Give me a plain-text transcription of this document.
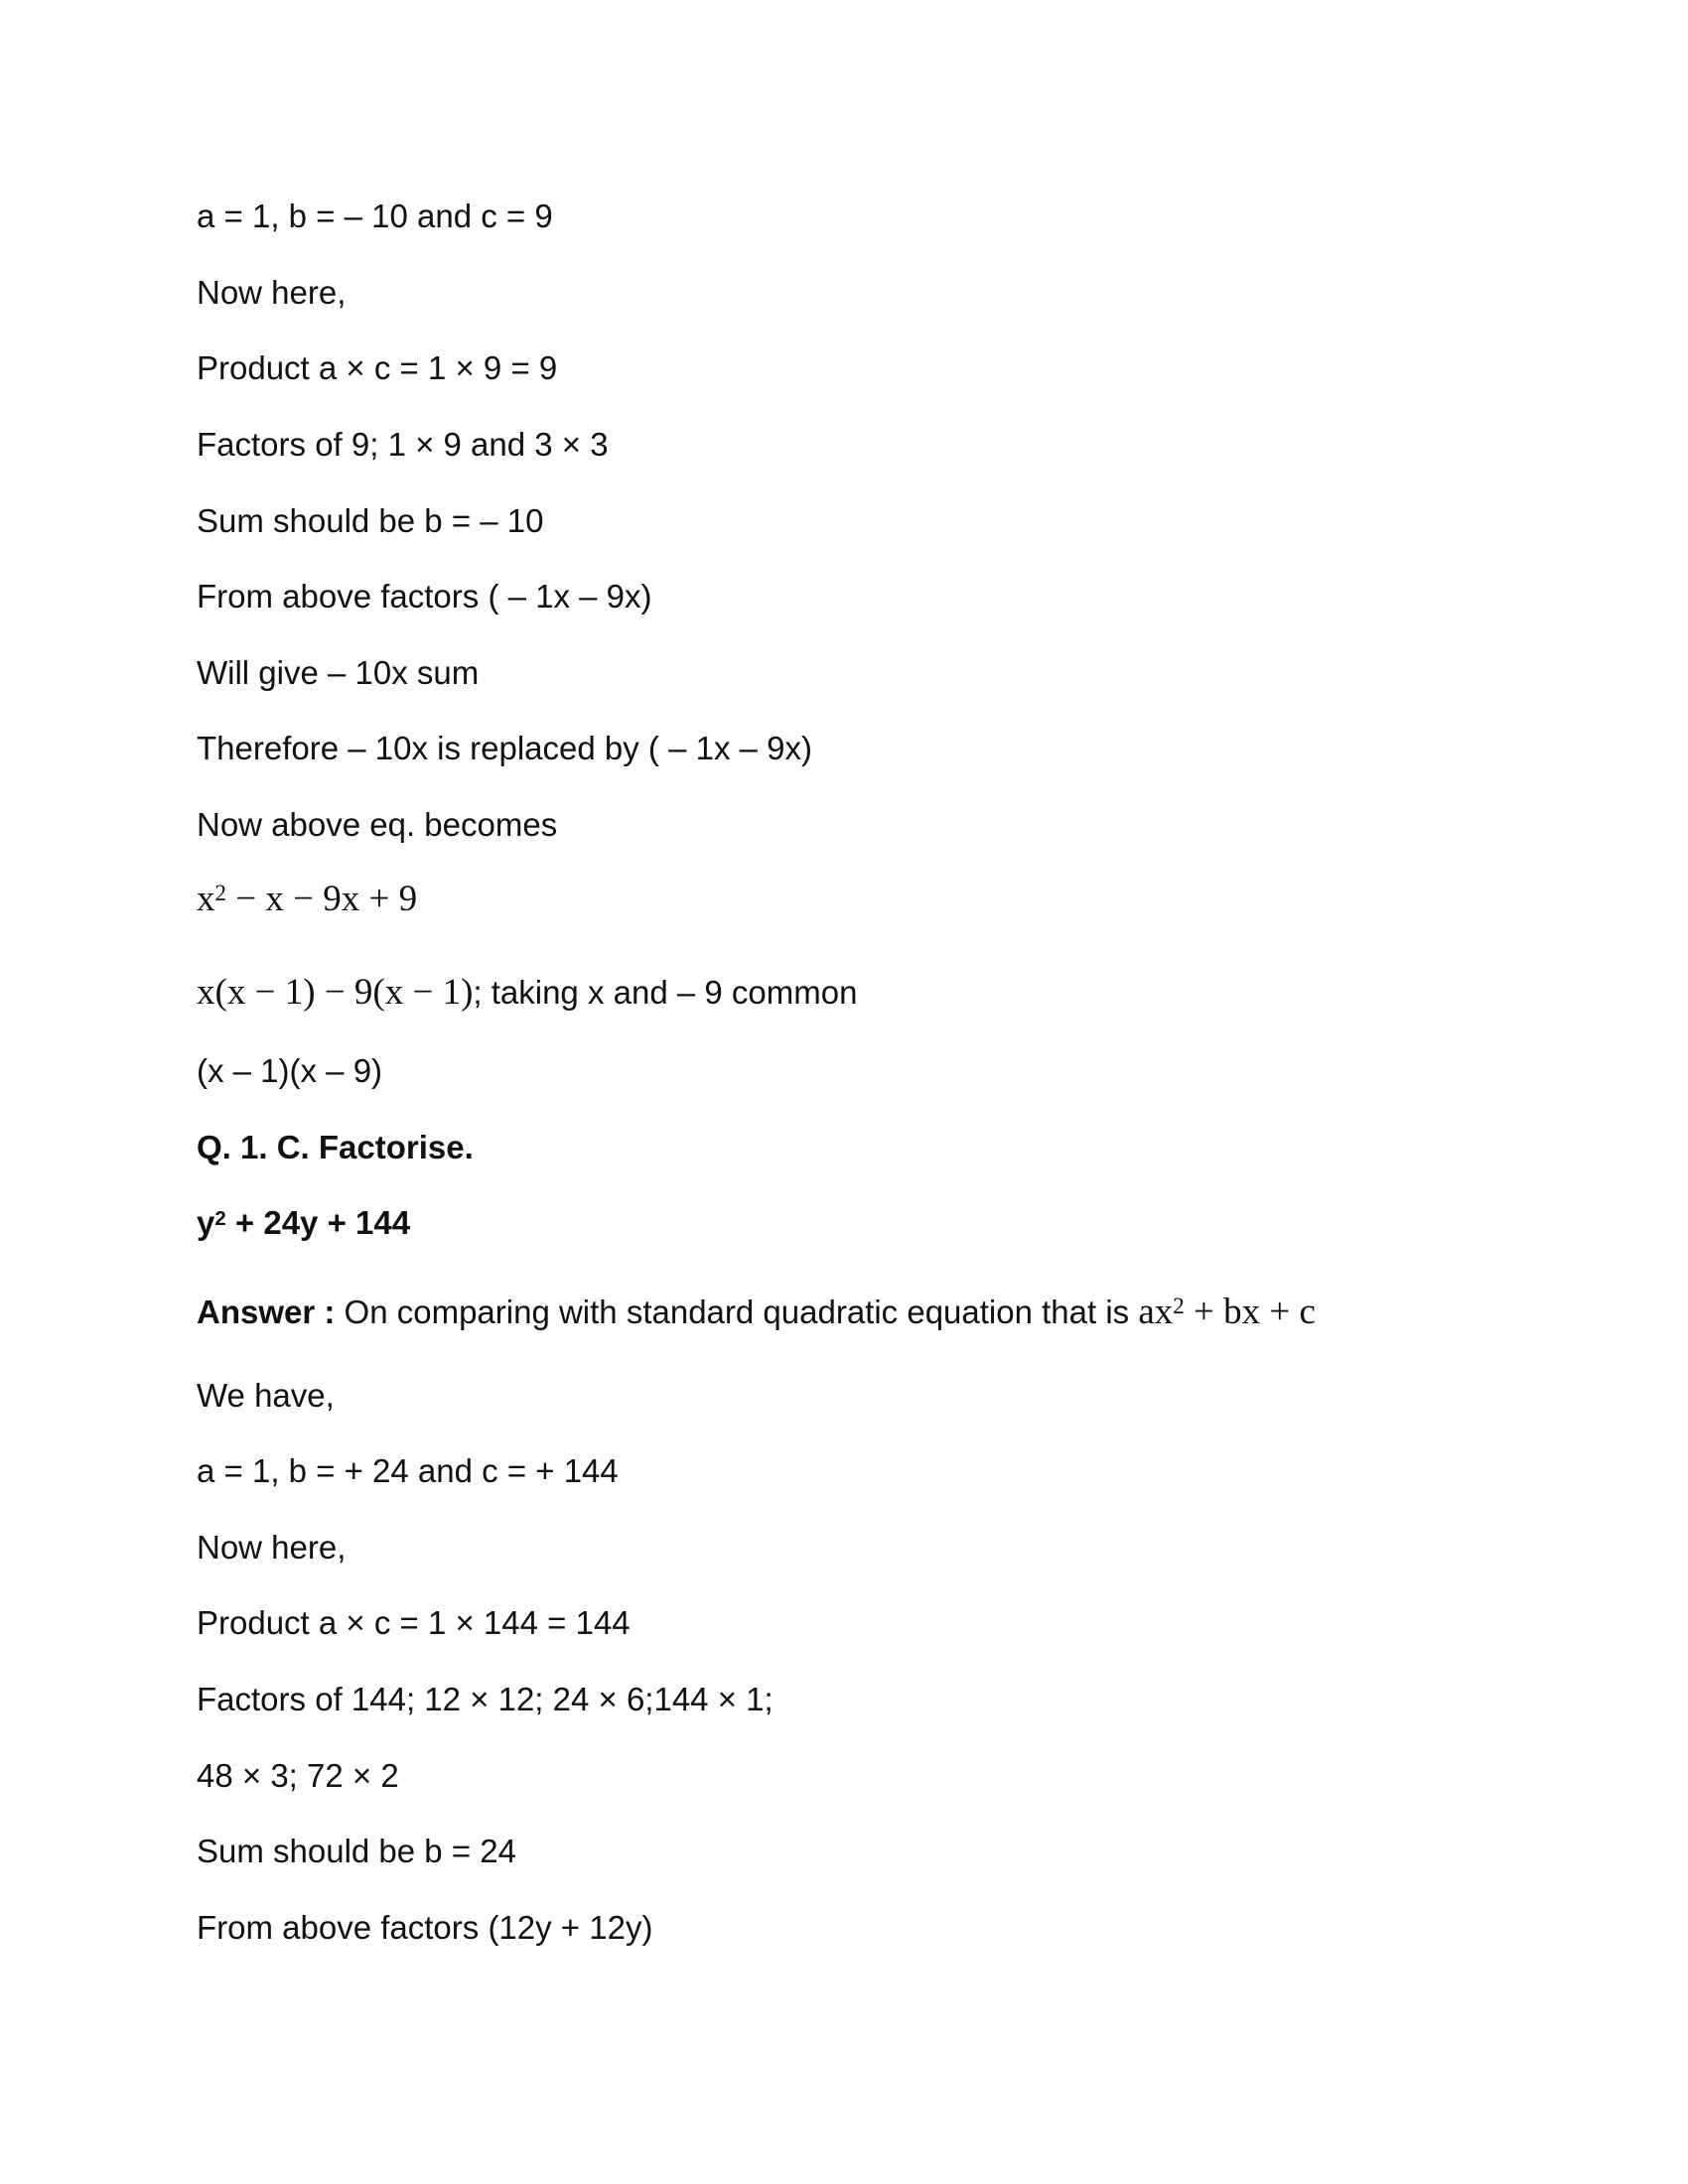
a = 1, b = – 10 and c = 9
Now here,
Product a × c = 1 × 9 = 9
Factors of 9; 1 × 9 and 3 × 3
Sum should be b = – 10
From above factors ( – 1x – 9x)
Will give – 10x sum
Therefore – 10x is replaced by ( – 1x – 9x)
Now above eq. becomes
$x^2 - x - 9x + 9$
x(x − 1) − 9(x − 1); taking x and – 9 common
(x – 1)(x – 9)
Q. 1. C. Factorise.
$y^2 + 24y + 144$
Answer : On comparing with standard quadratic equation that is $ax^2$ + bx + c
We have,
a = 1, b = + 24 and c = + 144
Now here,
Product a × c = 1 × 144 = 144
Factors of 144; 12 × 12; 24 × 6;144 × 1;
48 × 3; 72 × 2
Sum should be b = 24
From above factors (12y + 12y)
